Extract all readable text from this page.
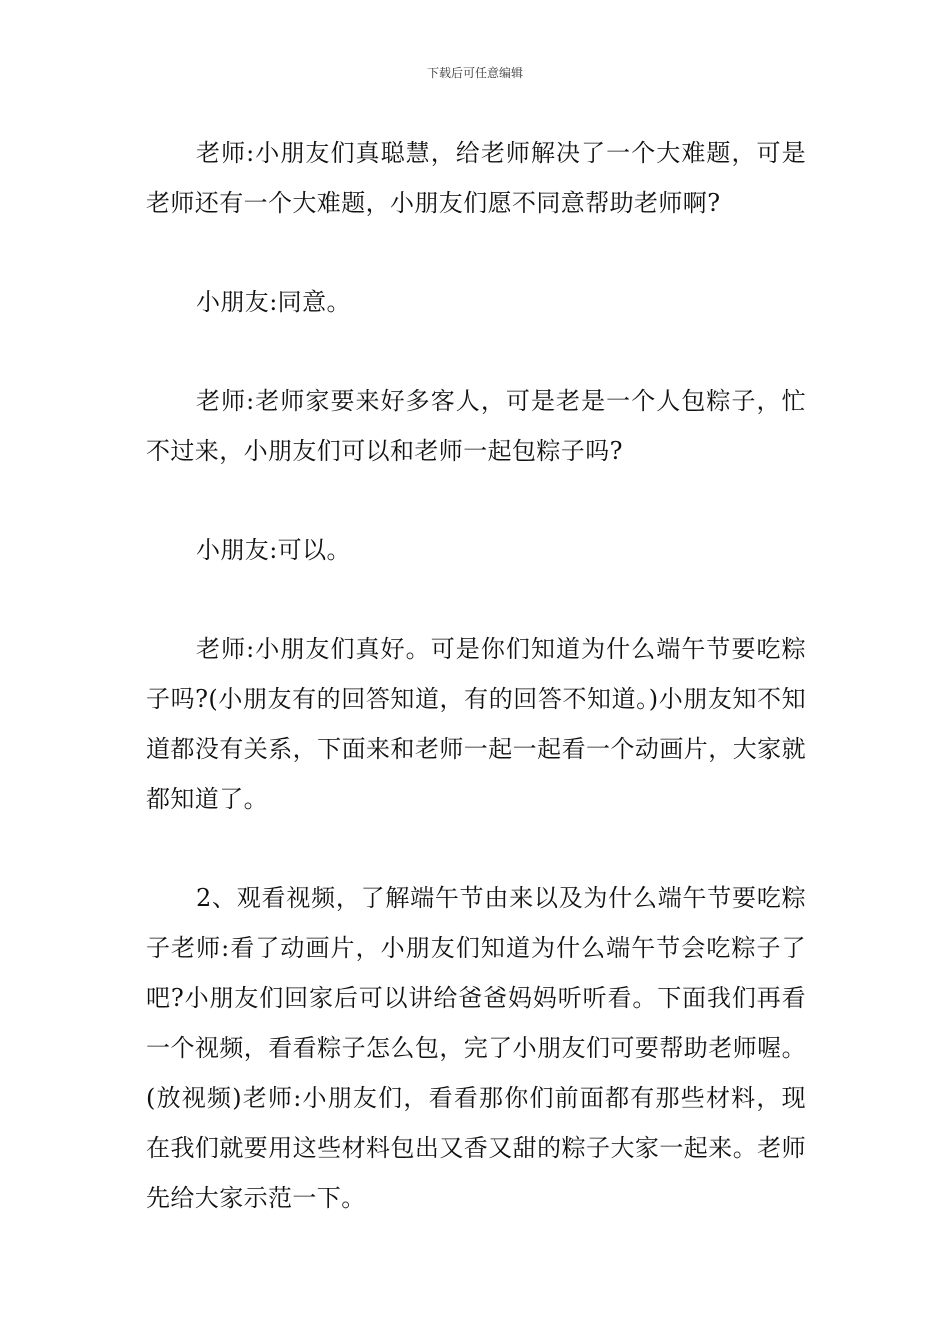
下载后可任意编辑

老师:小朋友们真聪慧，给老师解决了一个大难题，可是老师还有一个大难题，小朋友们愿不同意帮助老师啊?

小朋友:同意。

老师:老师家要来好多客人，可是老是一个人包粽子，忙不过来，小朋友们可以和老师一起包粽子吗?

小朋友:可以。

老师:小朋友们真好。可是你们知道为什么端午节要吃粽子吗?(小朋友有的回答知道，有的回答不知道。)小朋友知不知道都没有关系，下面来和老师一起一起看一个动画片，大家就都知道了。

2、观看视频，了解端午节由来以及为什么端午节要吃粽子老师:看了动画片，小朋友们知道为什么端午节会吃粽子了吧?小朋友们回家后可以讲给爸爸妈妈听听看。下面我们再看一个视频，看看粽子怎么包，完了小朋友们可要帮助老师喔。(放视频)老师:小朋友们，看看那你们前面都有那些材料，现在我们就要用这些材料包出又香又甜的粽子大家一起来。老师先给大家示范一下。
